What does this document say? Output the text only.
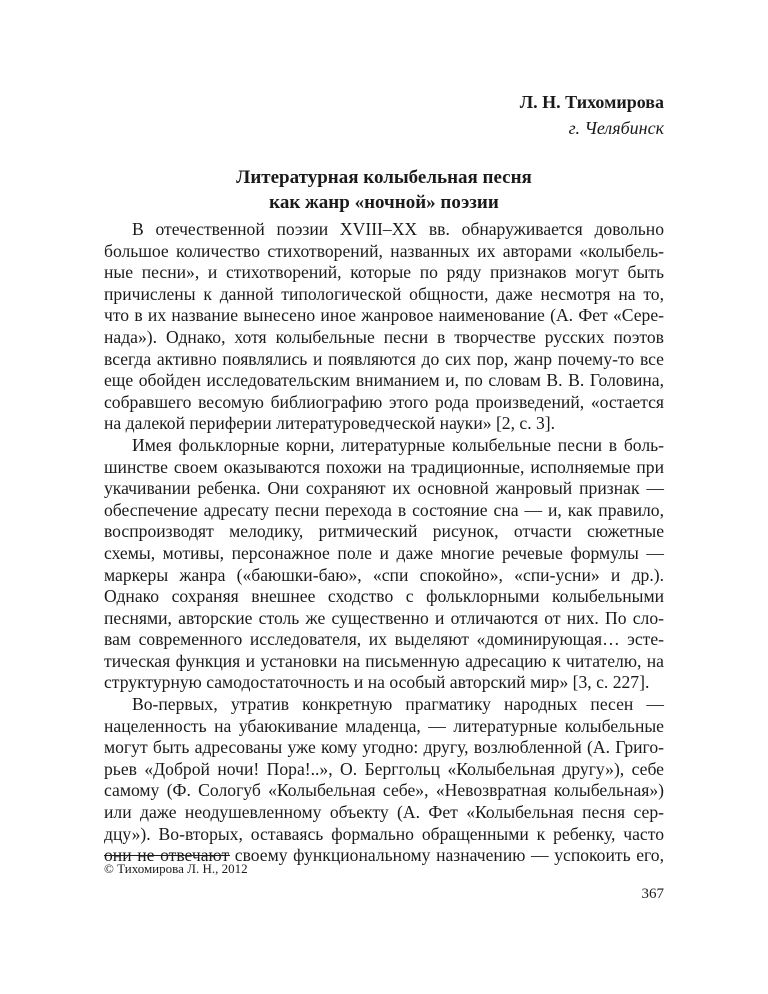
Л. Н. Тихомирова
г. Челябинск
Литературная колыбельная песня
как жанр «ночной» поэзии
В отечественной поэзии XVIII–XX вв. обнаруживается довольно
большое количество стихотворений, названных их авторами «колыбель-
ные песни», и стихотворений, которые по ряду признаков могут быть
причислены к данной типологической общности, даже несмотря на то,
что в их название вынесено иное жанровое наименование (А. Фет «Сере-
нада»). Однако, хотя колыбельные песни в творчестве русских поэтов
всегда активно появлялись и появляются до сих пор, жанр почему-то все
еще обойден исследовательским вниманием и, по словам В. В. Головина,
собравшего весомую библиографию этого рода произведений, «остается
на далекой периферии литературоведческой науки» [2, с. 3].
Имея фольклорные корни, литературные колыбельные песни в боль-
шинстве своем оказываются похожи на традиционные, исполняемые при
укачивании ребенка. Они сохраняют их основной жанровый признак —
обеспечение адресату песни перехода в состояние сна — и, как правило,
воспроизводят мелодику, ритмический рисунок, отчасти сюжетные
схемы, мотивы, персонажное поле и даже многие речевые формулы —
маркеры жанра («баюшки-баю», «спи спокойно», «спи-усни» и др.).
Однако сохраняя внешнее сходство с фольклорными колыбельными
песнями, авторские столь же существенно и отличаются от них. По сло-
вам современного исследователя, их выделяют «доминирующая… эсте-
тическая функция и установки на письменную адресацию к читателю, на
структурную самодостаточность и на особый авторский мир» [3, с. 227].
Во-первых, утратив конкретную прагматику народных песен —
нацеленность на убаюкивание младенца, — литературные колыбельные
могут быть адресованы уже кому угодно: другу, возлюбленной (А. Григо-
рьев «Доброй ночи! Пора!..», О. Берггольц «Колыбельная другу»), себе
самому (Ф. Сологуб «Колыбельная себе», «Невозвратная колыбельная»)
или даже неодушевленному объекту (А. Фет «Колыбельная песня сер-
дцу»). Во-вторых, оставаясь формально обращенными к ребенку, часто
они не отвечают своему функциональному назначению — успокоить его,
© Тихомирова Л. Н., 2012
367
